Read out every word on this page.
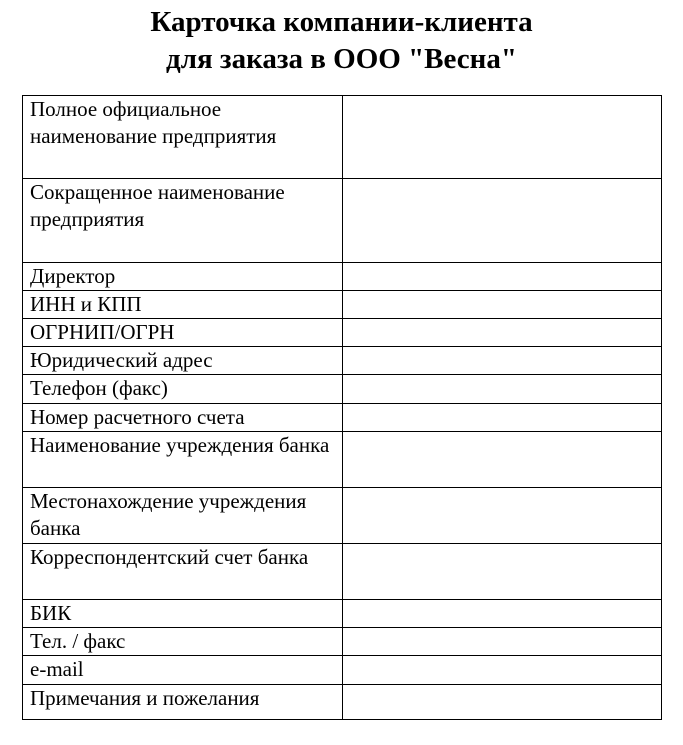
Карточка компании-клиента
для заказа в ООО "Весна"
Полное официальное наименование предприятия	
Сокращенное наименование предприятия	
Директор	
ИНН и КПП	
ОГРНИП/ОГРН	
Юридический адрес	
Телефон (факс)	
Номер расчетного счета	
Наименование учреждения банка	
Местонахождение учреждения банка	
Корреспондентский счет банка	
БИК	
Тел. / факс	
e-mail	
Примечания и пожелания	
